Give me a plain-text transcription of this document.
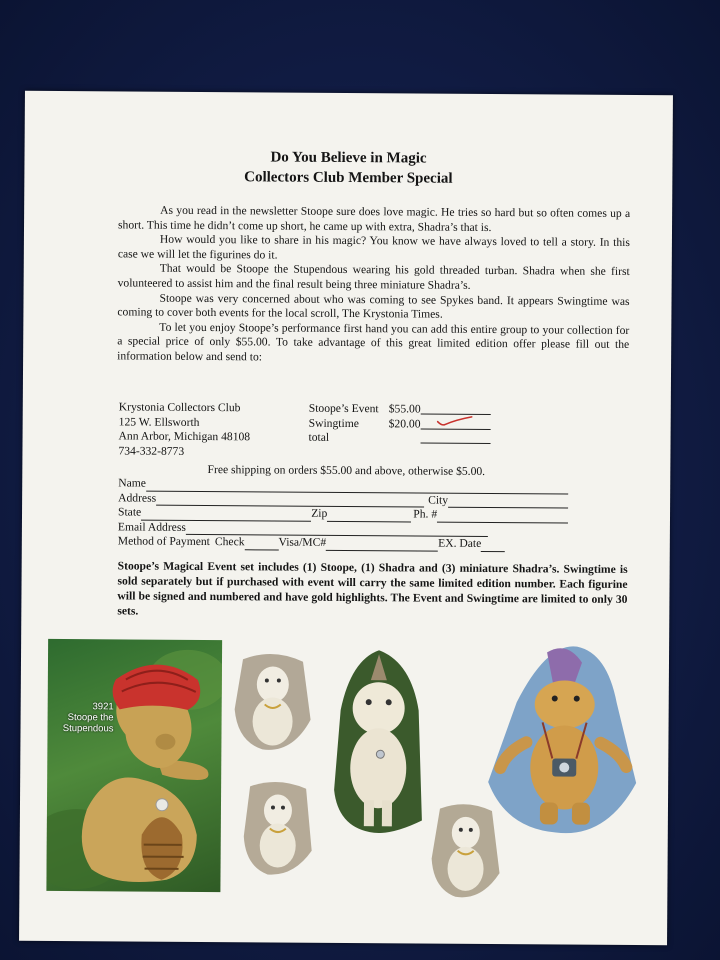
Do You Believe in Magic
Collectors Club Member Special

As you read in the newsletter Stoope sure does love magic. He tries so hard but so often comes up a short. This time he didn’t come up short, he came up with extra, Shadra’s that is.

How would you like to share in his magic? You know we have always loved to tell a story. In this case we will let the figurines do it.

That would be Stoope the Stupendous wearing his gold threaded turban. Shadra when she first volunteered to assist him and the final result being three miniature Shadra’s.

Stoope was very concerned about who was coming to see Spykes band. It appears Swingtime was coming to cover both events for the local scroll, The Krystonia Times.

To let you enjoy Stoope’s performance first hand you can add this entire group to your collection for a special price of only $55.00. To take advantage of this great limited edition offer please fill out the information below and send to:

Krystonia Collectors Club
125 W. Ellsworth
Ann Arbor, Michigan 48108
734-332-8773
Stoope’s Event $55.00
Swingtime	$20.00
total
Free shipping on orders $55.00 and above, otherwise $5.00.
Name
Address	City
State	Zip	Ph. #
Email Address
Method of Payment Check	Visa/MC#	EX. Date
Stoope’s Magical Event set includes (1) Stoope, (1) Shadra and (3) miniature Shadra’s. Swingtime is sold separately but if purchased with event will carry the same limited edition number. Each figurine will be signed and numbered and have gold highlights. The Event and Swingtime are limited to only 30 sets.
3921
Stoope the
Stupendous
